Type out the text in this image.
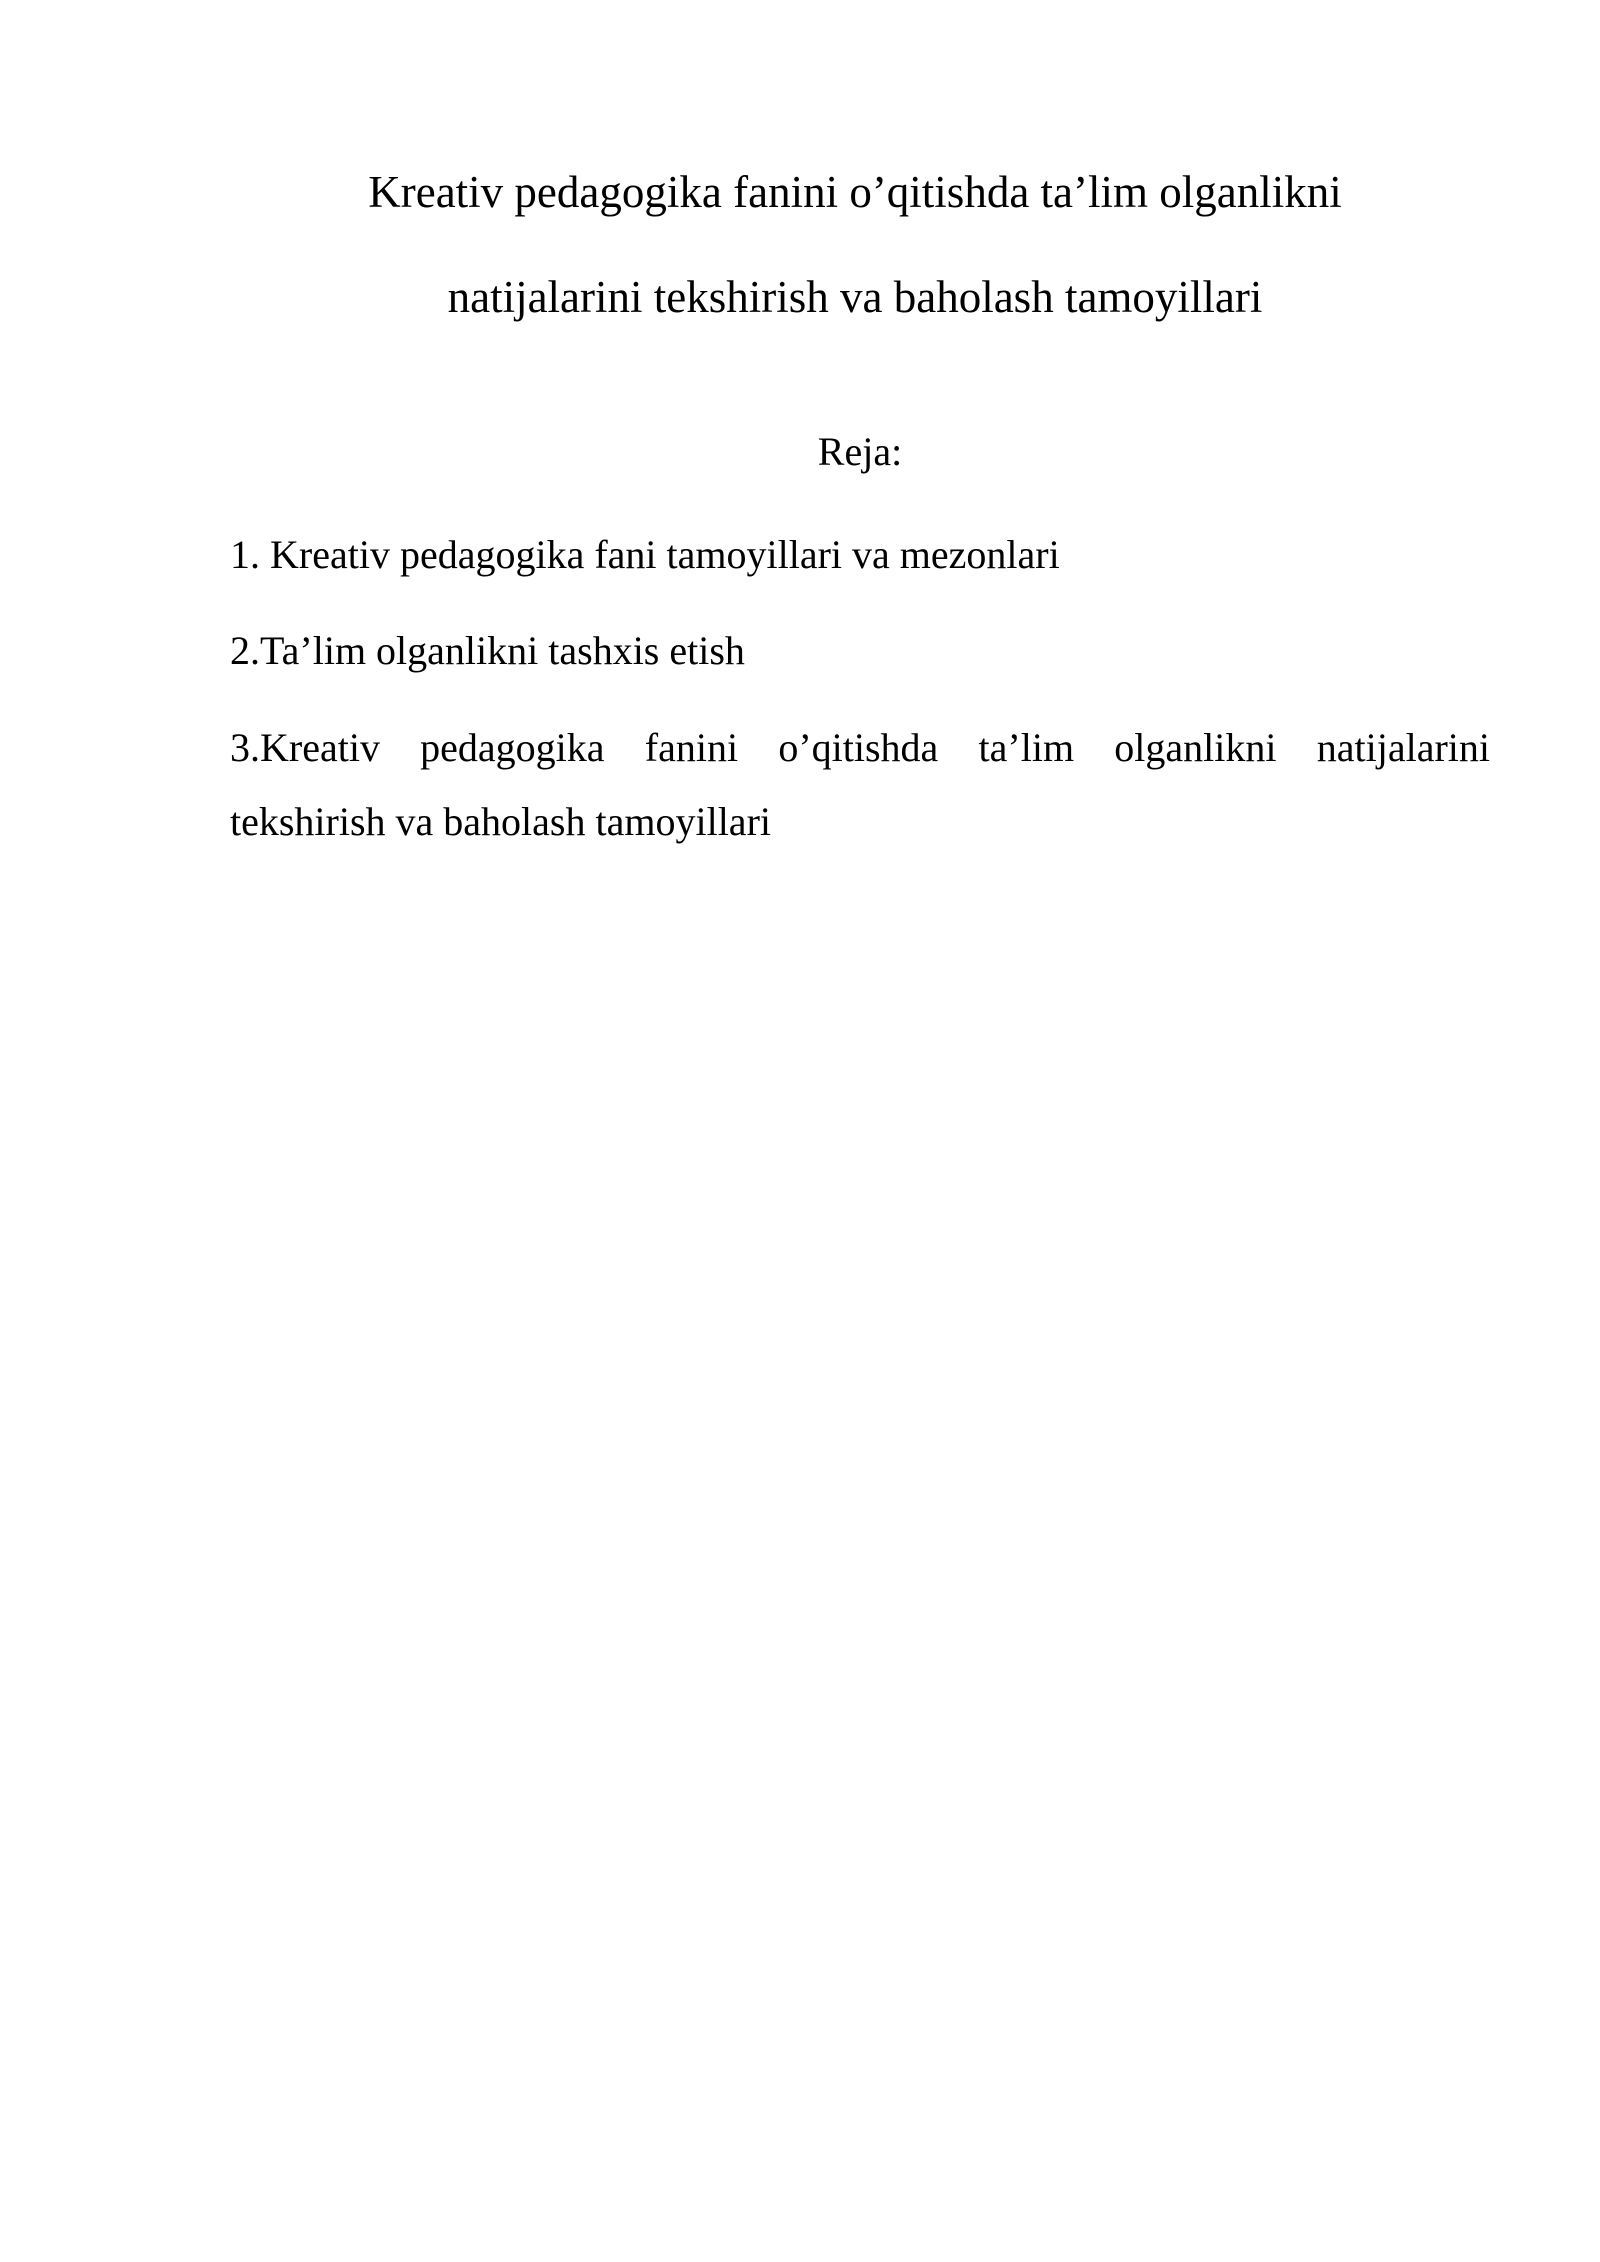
Kreativ pedagogika fanini o’qitishda ta’lim olganlikni
natijalarini tekshirish va baholash tamoyillari

Reja:

1. Kreativ pedagogika fani tamoyillari va mezonlari
2.Ta’lim olganlikni tashxis etish
3.Kreativ pedagogika fanini o’qitishda ta’lim olganlikni natijalarini
tekshirish va baholash tamoyillari
